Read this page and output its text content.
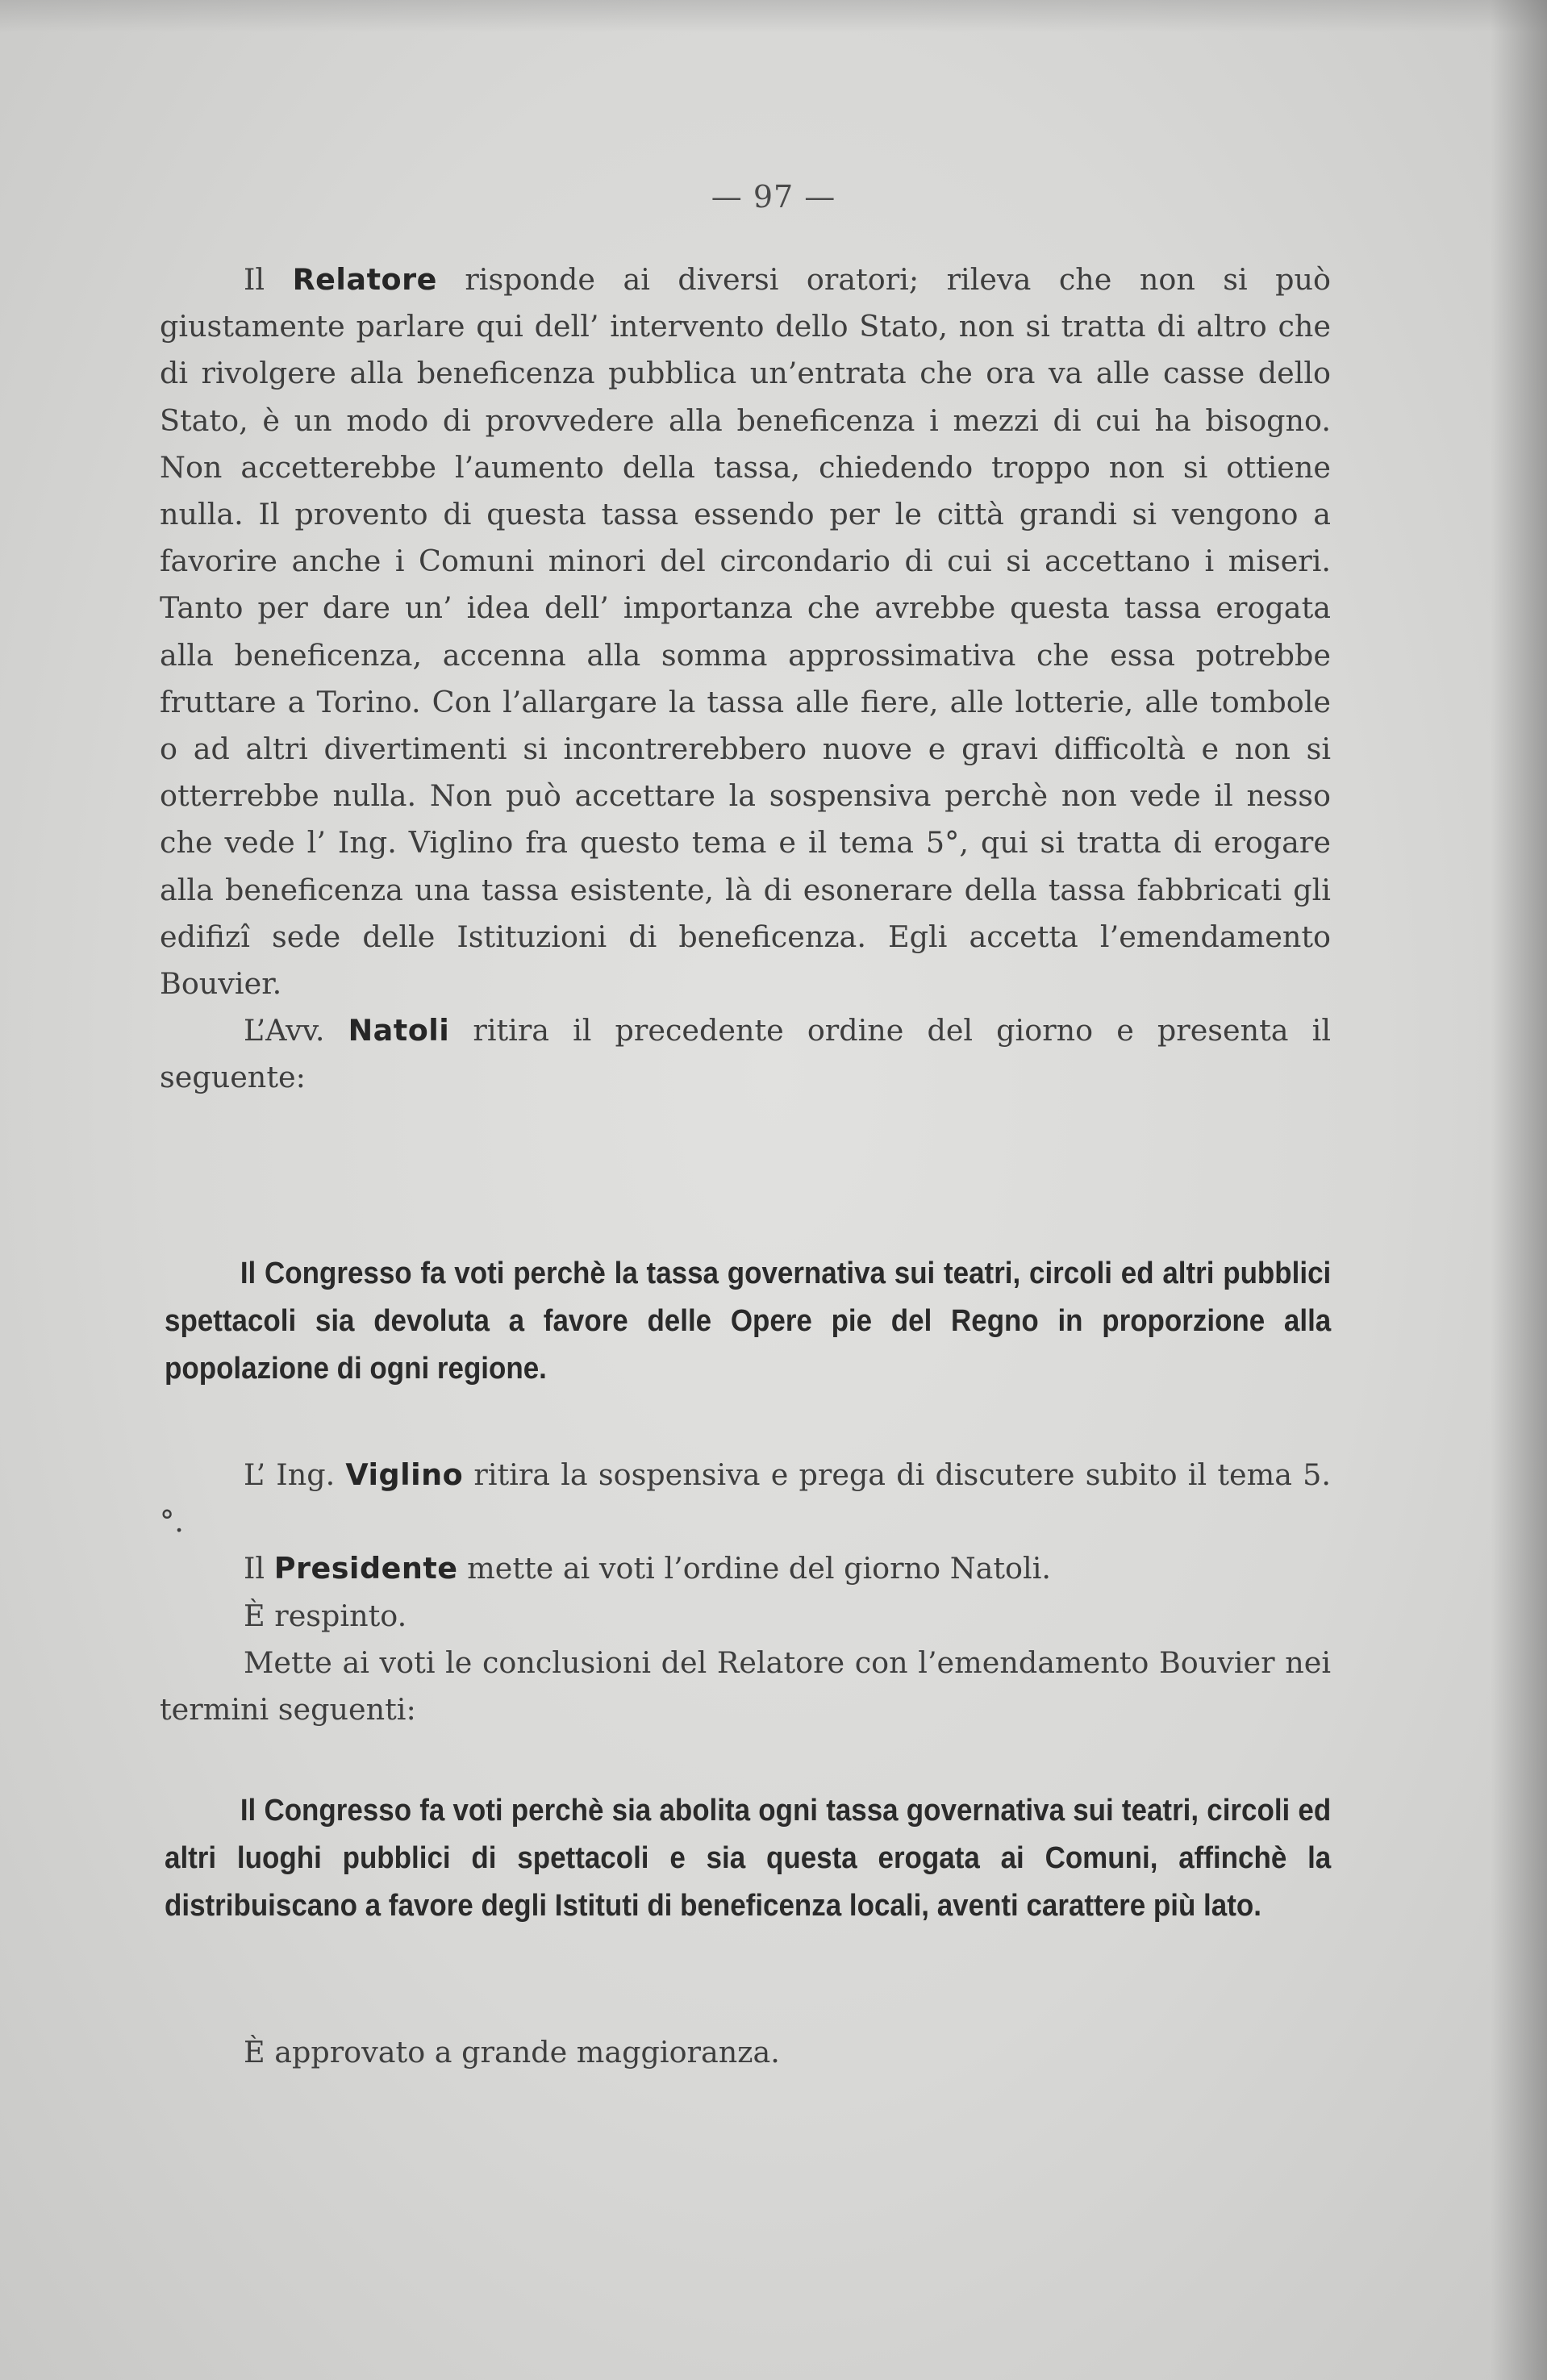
— 97 —

Il Relatore risponde ai diversi oratori; rileva che non si può giustamente parlare qui dell’ intervento dello Stato, non si tratta di altro che di rivolgere alla beneficenza pubblica un’entrata che ora va alle casse dello Stato, è un modo di provvedere alla beneficenza i mezzi di cui ha bisogno. Non accetterebbe l’aumento della tassa, chiedendo troppo non si ottiene nulla. Il provento di questa tassa essendo per le città grandi si vengono a favorire anche i Comuni minori del circondario di cui si accettano i miseri. Tanto per dare un’ idea dell’ importanza che avrebbe questa tassa erogata alla beneficenza, accenna alla somma approssimativa che essa potrebbe fruttare a Torino. Con l’allargare la tassa alle fiere, alle lotterie, alle tombole o ad altri divertimenti si incontrerebbero nuove e gravi difficoltà e non si otterrebbe nulla. Non può accettare la sospensiva perchè non vede il nesso che vede l’ Ing. Viglino fra questo tema e il tema 5°, qui si tratta di erogare alla beneficenza una tassa esistente, là di esonerare della tassa fabbricati gli edifizî sede delle Istituzioni di beneficenza. Egli accetta l’emendamento Bouvier.

L’Avv. Natoli ritira il precedente ordine del giorno e presenta il seguente:

Il Congresso fa voti perchè la tassa governativa sui teatri, circoli ed altri pubblici spettacoli sia devoluta a favore delle Opere pie del Regno in proporzione alla popolazione di ogni regione.

L’ Ing. Viglino ritira la sospensiva e prega di discutere subito il tema 5.°.

Il Presidente mette ai voti l’ordine del giorno Natoli.

È respinto.

Mette ai voti le conclusioni del Relatore con l’emendamento Bouvier nei termini seguenti:

Il Congresso fa voti perchè sia abolita ogni tassa governativa sui teatri, circoli ed altri luoghi pubblici di spettacoli e sia questa erogata ai Comuni, affinchè la distribuiscano a favore degli Istituti di beneficenza locali, aventi carattere più lato.

È approvato a grande maggioranza.
